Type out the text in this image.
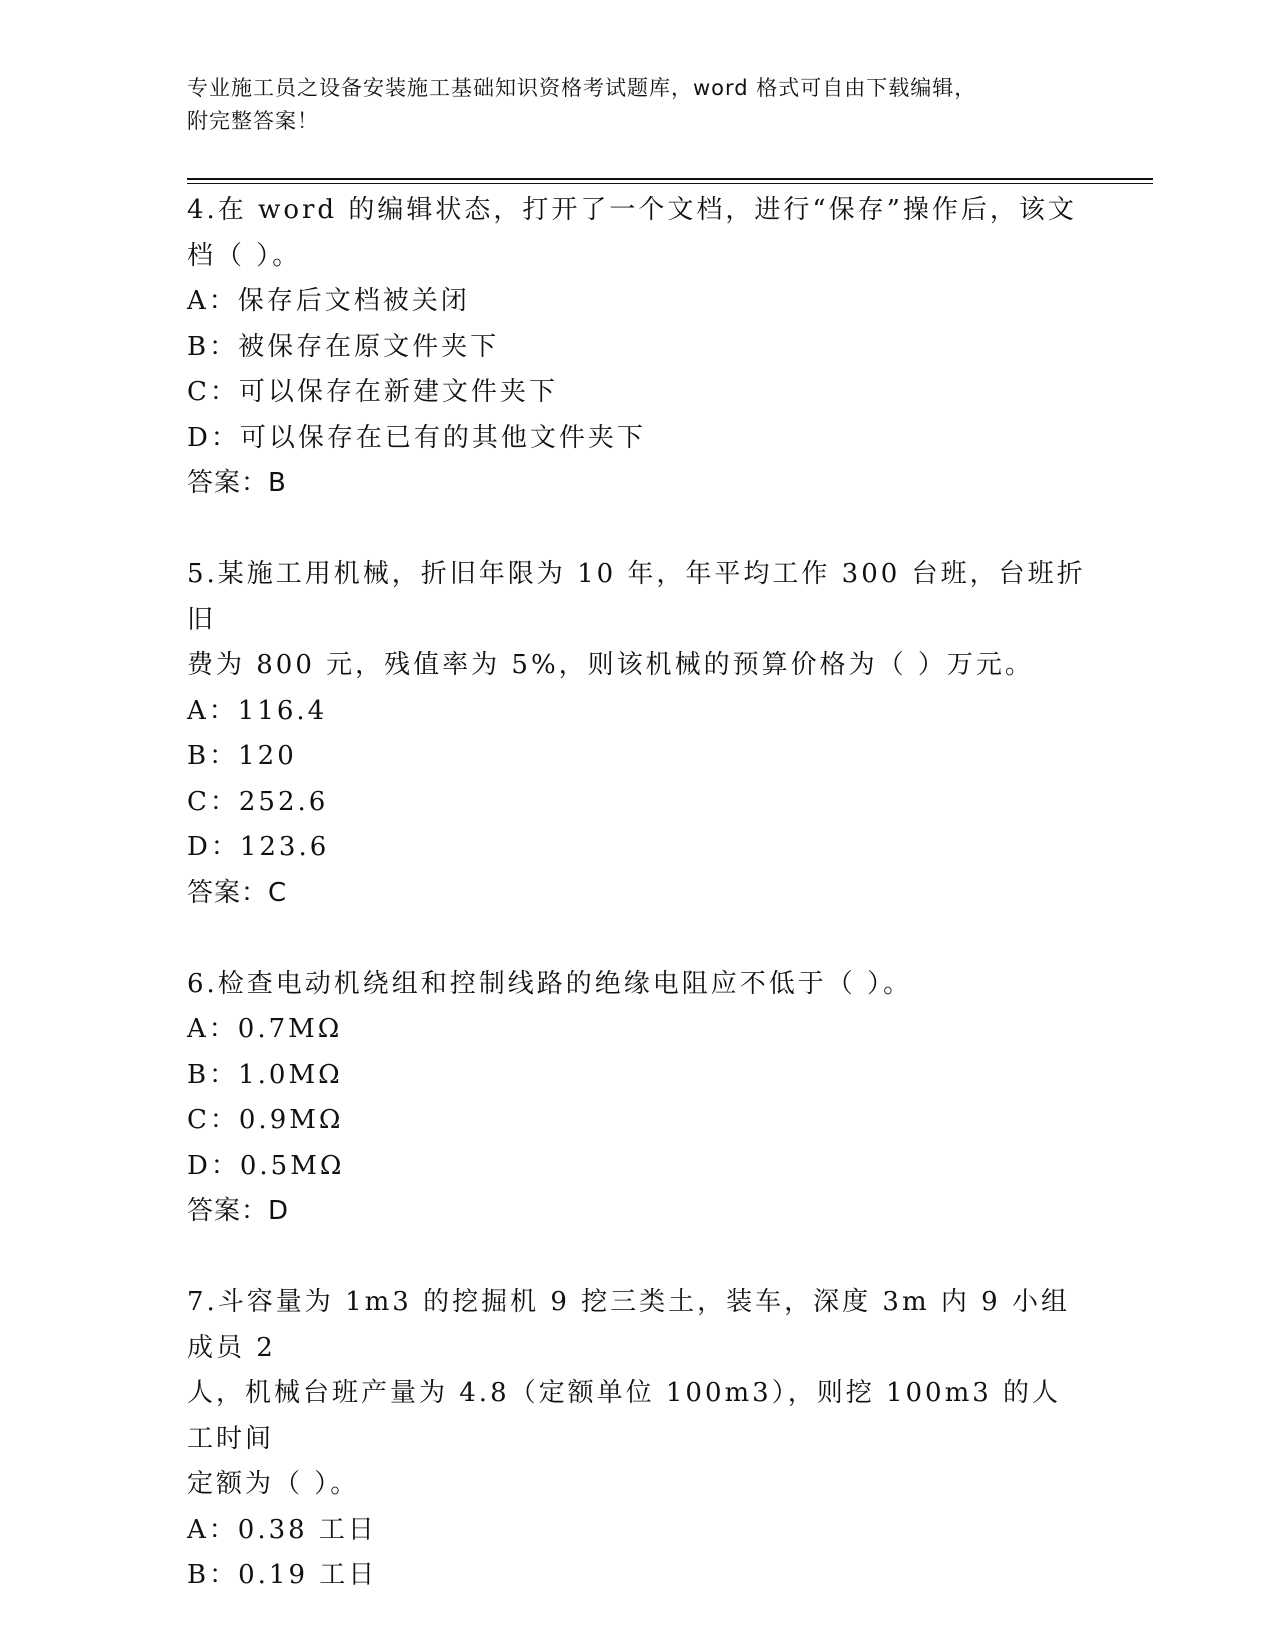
专业施工员之设备安装施工基础知识资格考试题库，word 格式可自由下载编辑，
附完整答案！

4.在 word 的编辑状态，打开了一个文档，进行“保存”操作后，该文

档（ ）。

A：保存后文档被关闭

B：被保存在原文件夹下

C：可以保存在新建文件夹下

D：可以保存在已有的其他文件夹下

答案：B

5.某施工用机械，折旧年限为 10 年，年平均工作 300 台班，台班折旧

费为 800 元，残值率为 5%，则该机械的预算价格为（ ）万元。

A：116.4

B：120

C：252.6

D：123.6

答案：C

6.检查电动机绕组和控制线路的绝缘电阻应不低于（ ）。

A：0.7MΩ

B：1.0MΩ

C：0.9MΩ

D：0.5MΩ

答案：D

7.斗容量为 1m3 的挖掘机 9 挖三类土，装车，深度 3m 内 9 小组成员 2

人，机械台班产量为 4.8（定额单位 100m3），则挖 100m3 的人工时间

定额为（ ）。

A：0.38 工日

B：0.19 工日
